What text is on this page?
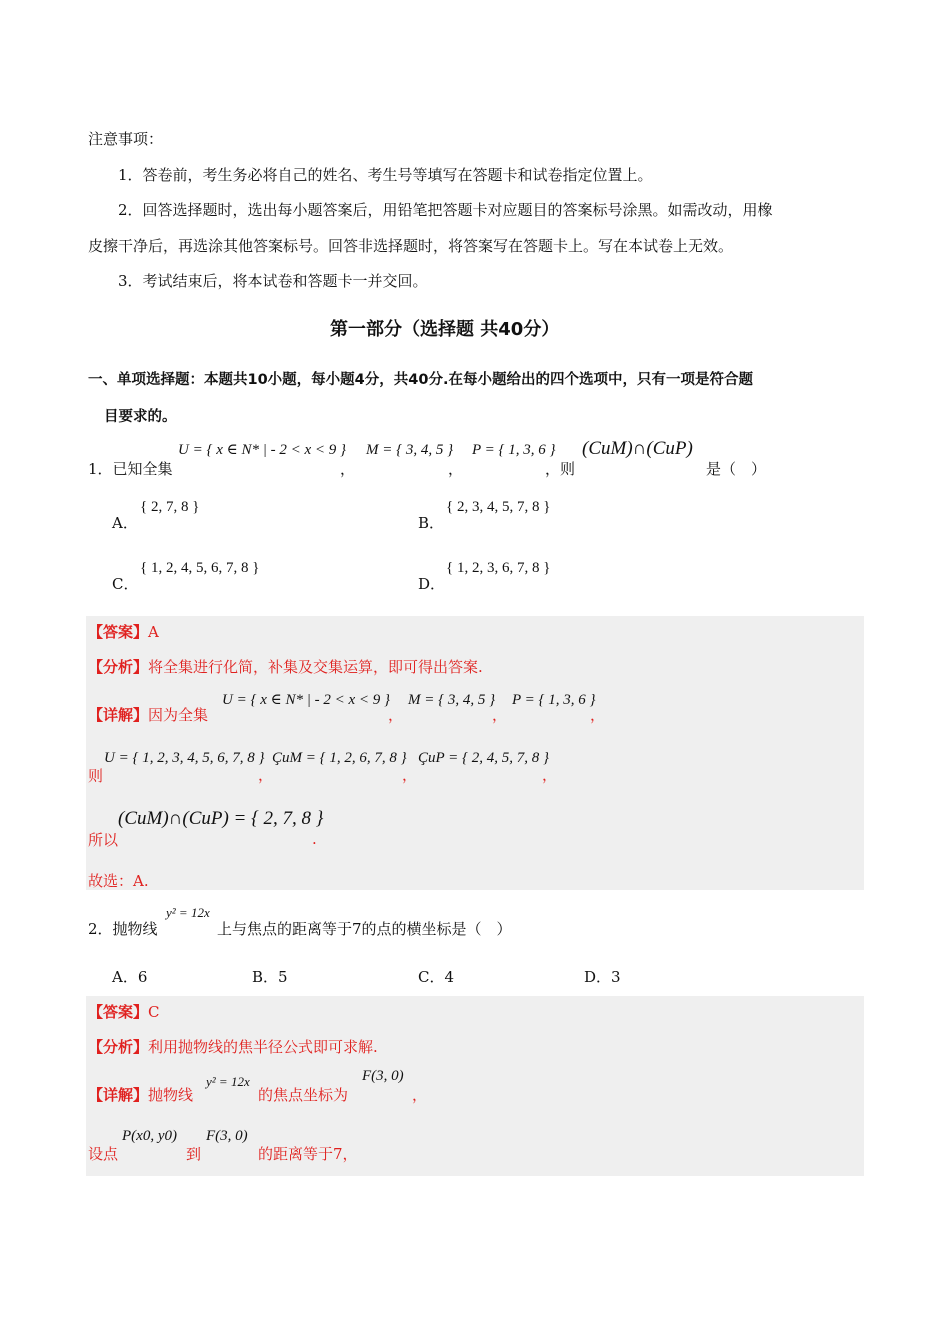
注意事项：
1．答卷前，考生务必将自己的姓名、考生号等填写在答题卡和试卷指定位置上。
2．回答选择题时，选出每小题答案后，用铅笔把答题卡对应题目的答案标号涂黑。如需改动，用橡
皮擦干净后，再选涂其他答案标号。回答非选择题时，将答案写在答题卡上。写在本试卷上无效。
3．考试结束后，将本试卷和答题卡一并交回。
第一部分（选择题 共40分）
一、单项选择题：本题共10小题，每小题4分，共40分.在每小题给出的四个选项中，只有一项是符合题
目要求的。
1．已知全集
U = { x ∈ N* | - 2 < x < 9 }
，
M = { 3, 4, 5 }
，
P = { 1, 3, 6 }
，则
(CuM)∩(CuP)
是（　）
A．
{ 2, 7, 8 }
B．
{ 2, 3, 4, 5, 7, 8 }
C．
{ 1, 2, 4, 5, 6, 7, 8 }
D．
{ 1, 2, 3, 6, 7, 8 }
【答案】A
【分析】将全集进行化简，补集及交集运算，即可得出答案.
【详解】因为全集
U = { x ∈ N* | - 2 < x < 9 }
，
M = { 3, 4, 5 }
，
P = { 1, 3, 6 }
，
则
U = { 1, 2, 3, 4, 5, 6, 7, 8 }
，
ÇuM = { 1, 2, 6, 7, 8 }
，
ÇuP = { 2, 4, 5, 7, 8 }
，
所以
(CuM)∩(CuP) = { 2, 7, 8 }
.
故选：A.
2．抛物线
y² = 12x
上与焦点的距离等于7的点的横坐标是（　）
A．6	B．5	C．4	D．3
【答案】C
【分析】利用抛物线的焦半径公式即可求解.
【详解】抛物线
y² = 12x
的焦点坐标为
F(3, 0)
，
设点
P(x0, y0)
到
F(3, 0)
的距离等于7，
